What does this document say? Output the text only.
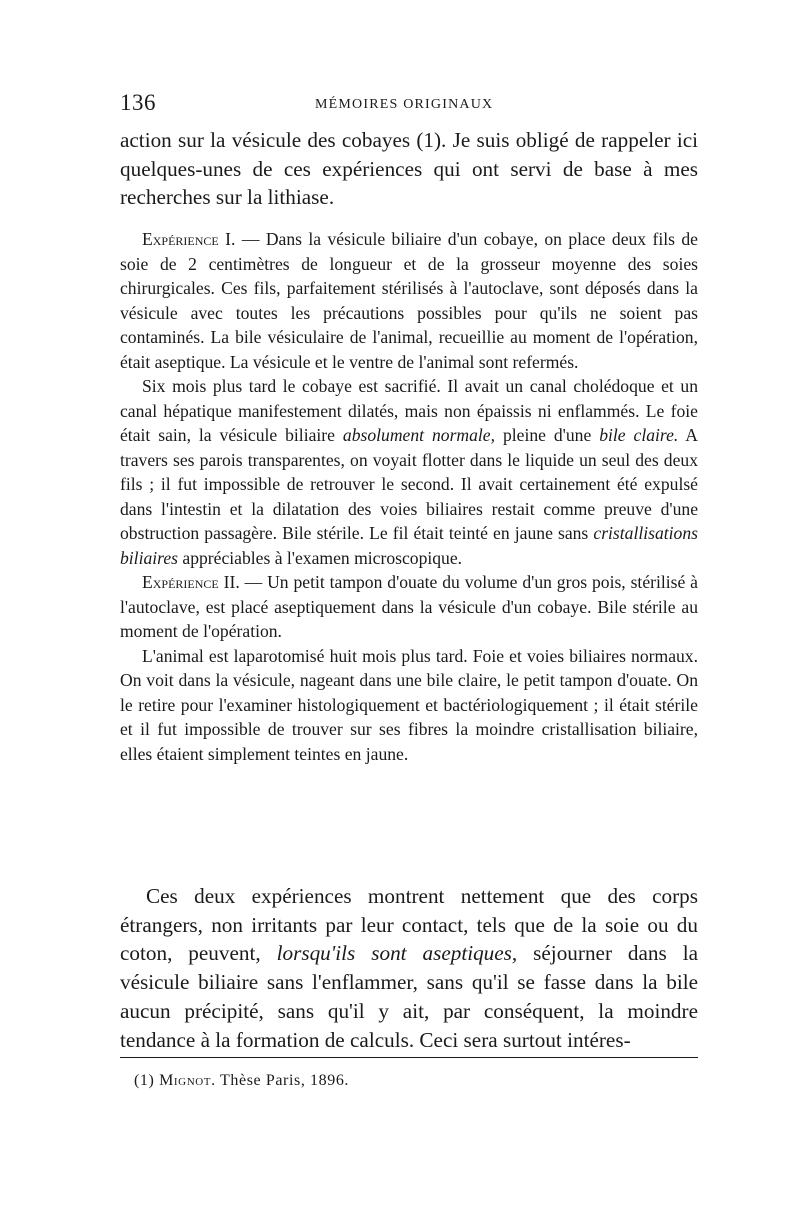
136	MÉMOIRES ORIGINAUX

action sur la vésicule des cobayes (1). Je suis obligé de rappeler ici quelques-unes de ces expériences qui ont servi de base à mes recherches sur la lithiase.

Expérience I. — Dans la vésicule biliaire d'un cobaye, on place deux fils de soie de 2 centimètres de longueur et de la grosseur moyenne des soies chirurgicales. Ces fils, parfaitement stérilisés à l'autoclave, sont déposés dans la vésicule avec toutes les précautions possibles pour qu'ils ne soient pas contaminés. La bile vésiculaire de l'animal, recueillie au moment de l'opération, était aseptique. La vésicule et le ventre de l'animal sont refermés.

Six mois plus tard le cobaye est sacrifié. Il avait un canal cholédoque et un canal hépatique manifestement dilatés, mais non épaissis ni enflammés. Le foie était sain, la vésicule biliaire absolument normale, pleine d'une bile claire. A travers ses parois transparentes, on voyait flotter dans le liquide un seul des deux fils ; il fut impossible de retrouver le second. Il avait certainement été expulsé dans l'intestin et la dilatation des voies biliaires restait comme preuve d'une obstruction passagère. Bile stérile. Le fil était teinté en jaune sans cristallisations biliaires appréciables à l'examen microscopique.

Expérience II. — Un petit tampon d'ouate du volume d'un gros pois, stérilisé à l'autoclave, est placé aseptiquement dans la vésicule d'un cobaye. Bile stérile au moment de l'opération.

L'animal est laparotomisé huit mois plus tard. Foie et voies biliaires normaux. On voit dans la vésicule, nageant dans une bile claire, le petit tampon d'ouate. On le retire pour l'examiner histologiquement et bactériologiquement ; il était stérile et il fut impossible de trouver sur ses fibres la moindre cristallisation biliaire, elles étaient simplement teintes en jaune.

Ces deux expériences montrent nettement que des corps étrangers, non irritants par leur contact, tels que de la soie ou du coton, peuvent, lorsqu'ils sont aseptiques, séjourner dans la vésicule biliaire sans l'enflammer, sans qu'il se fasse dans la bile aucun précipité, sans qu'il y ait, par conséquent, la moindre tendance à la formation de calculs. Ceci sera surtout intéres-

(1) Mignot. Thèse Paris, 1896.
